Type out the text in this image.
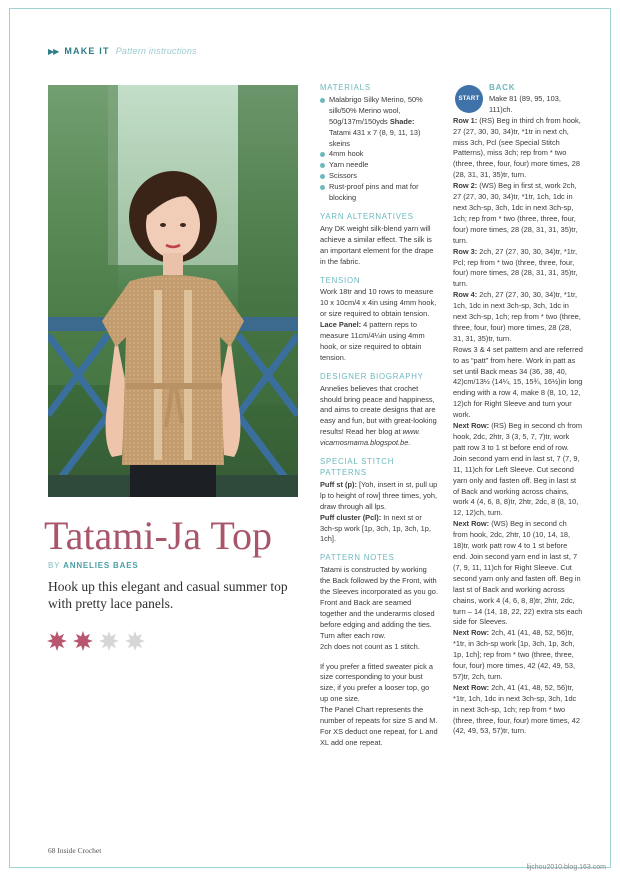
▶▶ MAKE IT Pattern instructions
Tatami-Ja Top
BY ANNELIES BAES
Hook up this elegant and casual summer top with pretty lace panels.
MATERIALS
Malabrigo Silky Merino, 50% silk/50% Merino wool, 50g/137m/150yds Shade: Tatami 431 x 7 (8, 9, 11, 13) skeins
4mm hook
Yarn needle
Scissors
Rust-proof pins and mat for blocking
YARN ALTERNATIVES

Any DK weight silk-blend yarn will achieve a similar effect. The silk is an important element for the drape in the fabric.

TENSION

Work 18tr and 10 rows to measure 10 x 10cm/4 x 4in using 4mm hook, or size required to obtain tension.

Lace Panel: 4 pattern reps to measure 11cm/4¼in using 4mm hook, or size required to obtain tension.

DESIGNER BIOGRAPHY

Annelies believes that crochet should bring peace and happiness, and aims to create designs that are easy and fun, but with great-looking results! Read her blog at www. vicarnosmama.blogspot.be.

SPECIAL STITCH PATTERNS

Puff st (p): [Yoh, insert in st, pull up lp to height of row] three times, yoh, draw through all lps.

Puff cluster (Pcl): In next st or 3ch-sp work [1p, 3ch, 1p, 3ch, 1p, 1ch].

PATTERN NOTES

Tatami is constructed by working the Back followed by the Front, with the Sleeves incorporated as you go. Front and Back are seamed together and the underarms closed before edging and adding the ties.

Turn after each row.

2ch does not count as 1 stitch.

If you prefer a fitted sweater pick a size corresponding to your bust size, if you prefer a looser top, go up one size.

The Panel Chart represents the number of repeats for size S and M. For XS deduct one repeat, for L and XL add one repeat.

START
BACK

Make 81 (89, 95, 103, 111)ch.

Row 1: (RS) Beg in third ch from hook, 27 (27, 30, 30, 34)tr, *1tr in next ch, miss 3ch, Pcl (see Special Stitch Patterns), miss 3ch; rep from * two (three, three, four, four) more times, 28 (28, 31, 31, 35)tr, turn.

Row 2: (WS) Beg in first st, work 2ch, 27 (27, 30, 30, 34)tr, *1tr, 1ch, 1dc in next 3ch-sp, 3ch, 1dc in next 3ch-sp, 1ch; rep from * two (three, three, four, four) more times, 28 (28, 31, 31, 35)tr, turn.

Row 3: 2ch, 27 (27, 30, 30, 34)tr, *1tr, Pcl; rep from * two (three, three, four, four) more times, 28 (28, 31, 31, 35)tr, turn.

Row 4: 2ch, 27 (27, 30, 30, 34)tr, *1tr, 1ch, 1dc in next 3ch-sp, 3ch, 1dc in next 3ch-sp, 1ch; rep from * two (three, three, four, four) more times, 28 (28, 31, 31, 35)tr, turn.

Rows 3 & 4 set pattern and are referred to as “patt” from here. Work in patt as set until Back meas 34 (36, 38, 40, 42)cm/13½ (14¼, 15, 15¾, 16½)in long ending with a row 4, make 8 (8, 10, 12, 12)ch for Right Sleeve and turn your work.

Next Row: (RS) Beg in second ch from hook, 2dc, 2htr, 3 (3, 5, 7, 7)tr, work patt row 3 to 1 st before end of row. Join second yarn end in last st, 7 (7, 9, 11, 11)ch for Left Sleeve. Cut second yarn only and fasten off. Beg in last st of Back and working across chains, work 4 (4, 6, 8, 8)tr, 2htr, 2dc, 8 (8, 10, 12, 12)ch, turn.

Next Row: (WS) Beg in second ch from hook, 2dc, 2htr, 10 (10, 14, 18, 18)tr, work patt row 4 to 1 st before end. Join second yarn end in last st, 7 (7, 9, 11, 11)ch for Right Sleeve. Cut second yarn only and fasten off. Beg in last st of Back and working across chains, work 4 (4, 6, 8, 8)tr, 2htr, 2dc, turn – 14 (14, 18, 22, 22) extra sts each side for Sleeves.

Next Row: 2ch, 41 (41, 48, 52, 56)tr, *1tr, in 3ch-sp work [1p, 3ch, 1p, 3ch, 1p, 1ch]; rep from * two (three, three, four, four) more times, 42 (42, 49, 53, 57)tr, 2ch, turn.

Next Row: 2ch, 41 (41, 48, 52, 56)tr, *1tr, 1ch, 1dc in next 3ch-sp, 3ch, 1dc in next 3ch-sp, 1ch; rep from * two (three, three, four, four) more times, 42 (42, 49, 53, 57)tr, turn.

68 Inside Crochet
lijchou2010.blog.163.com
